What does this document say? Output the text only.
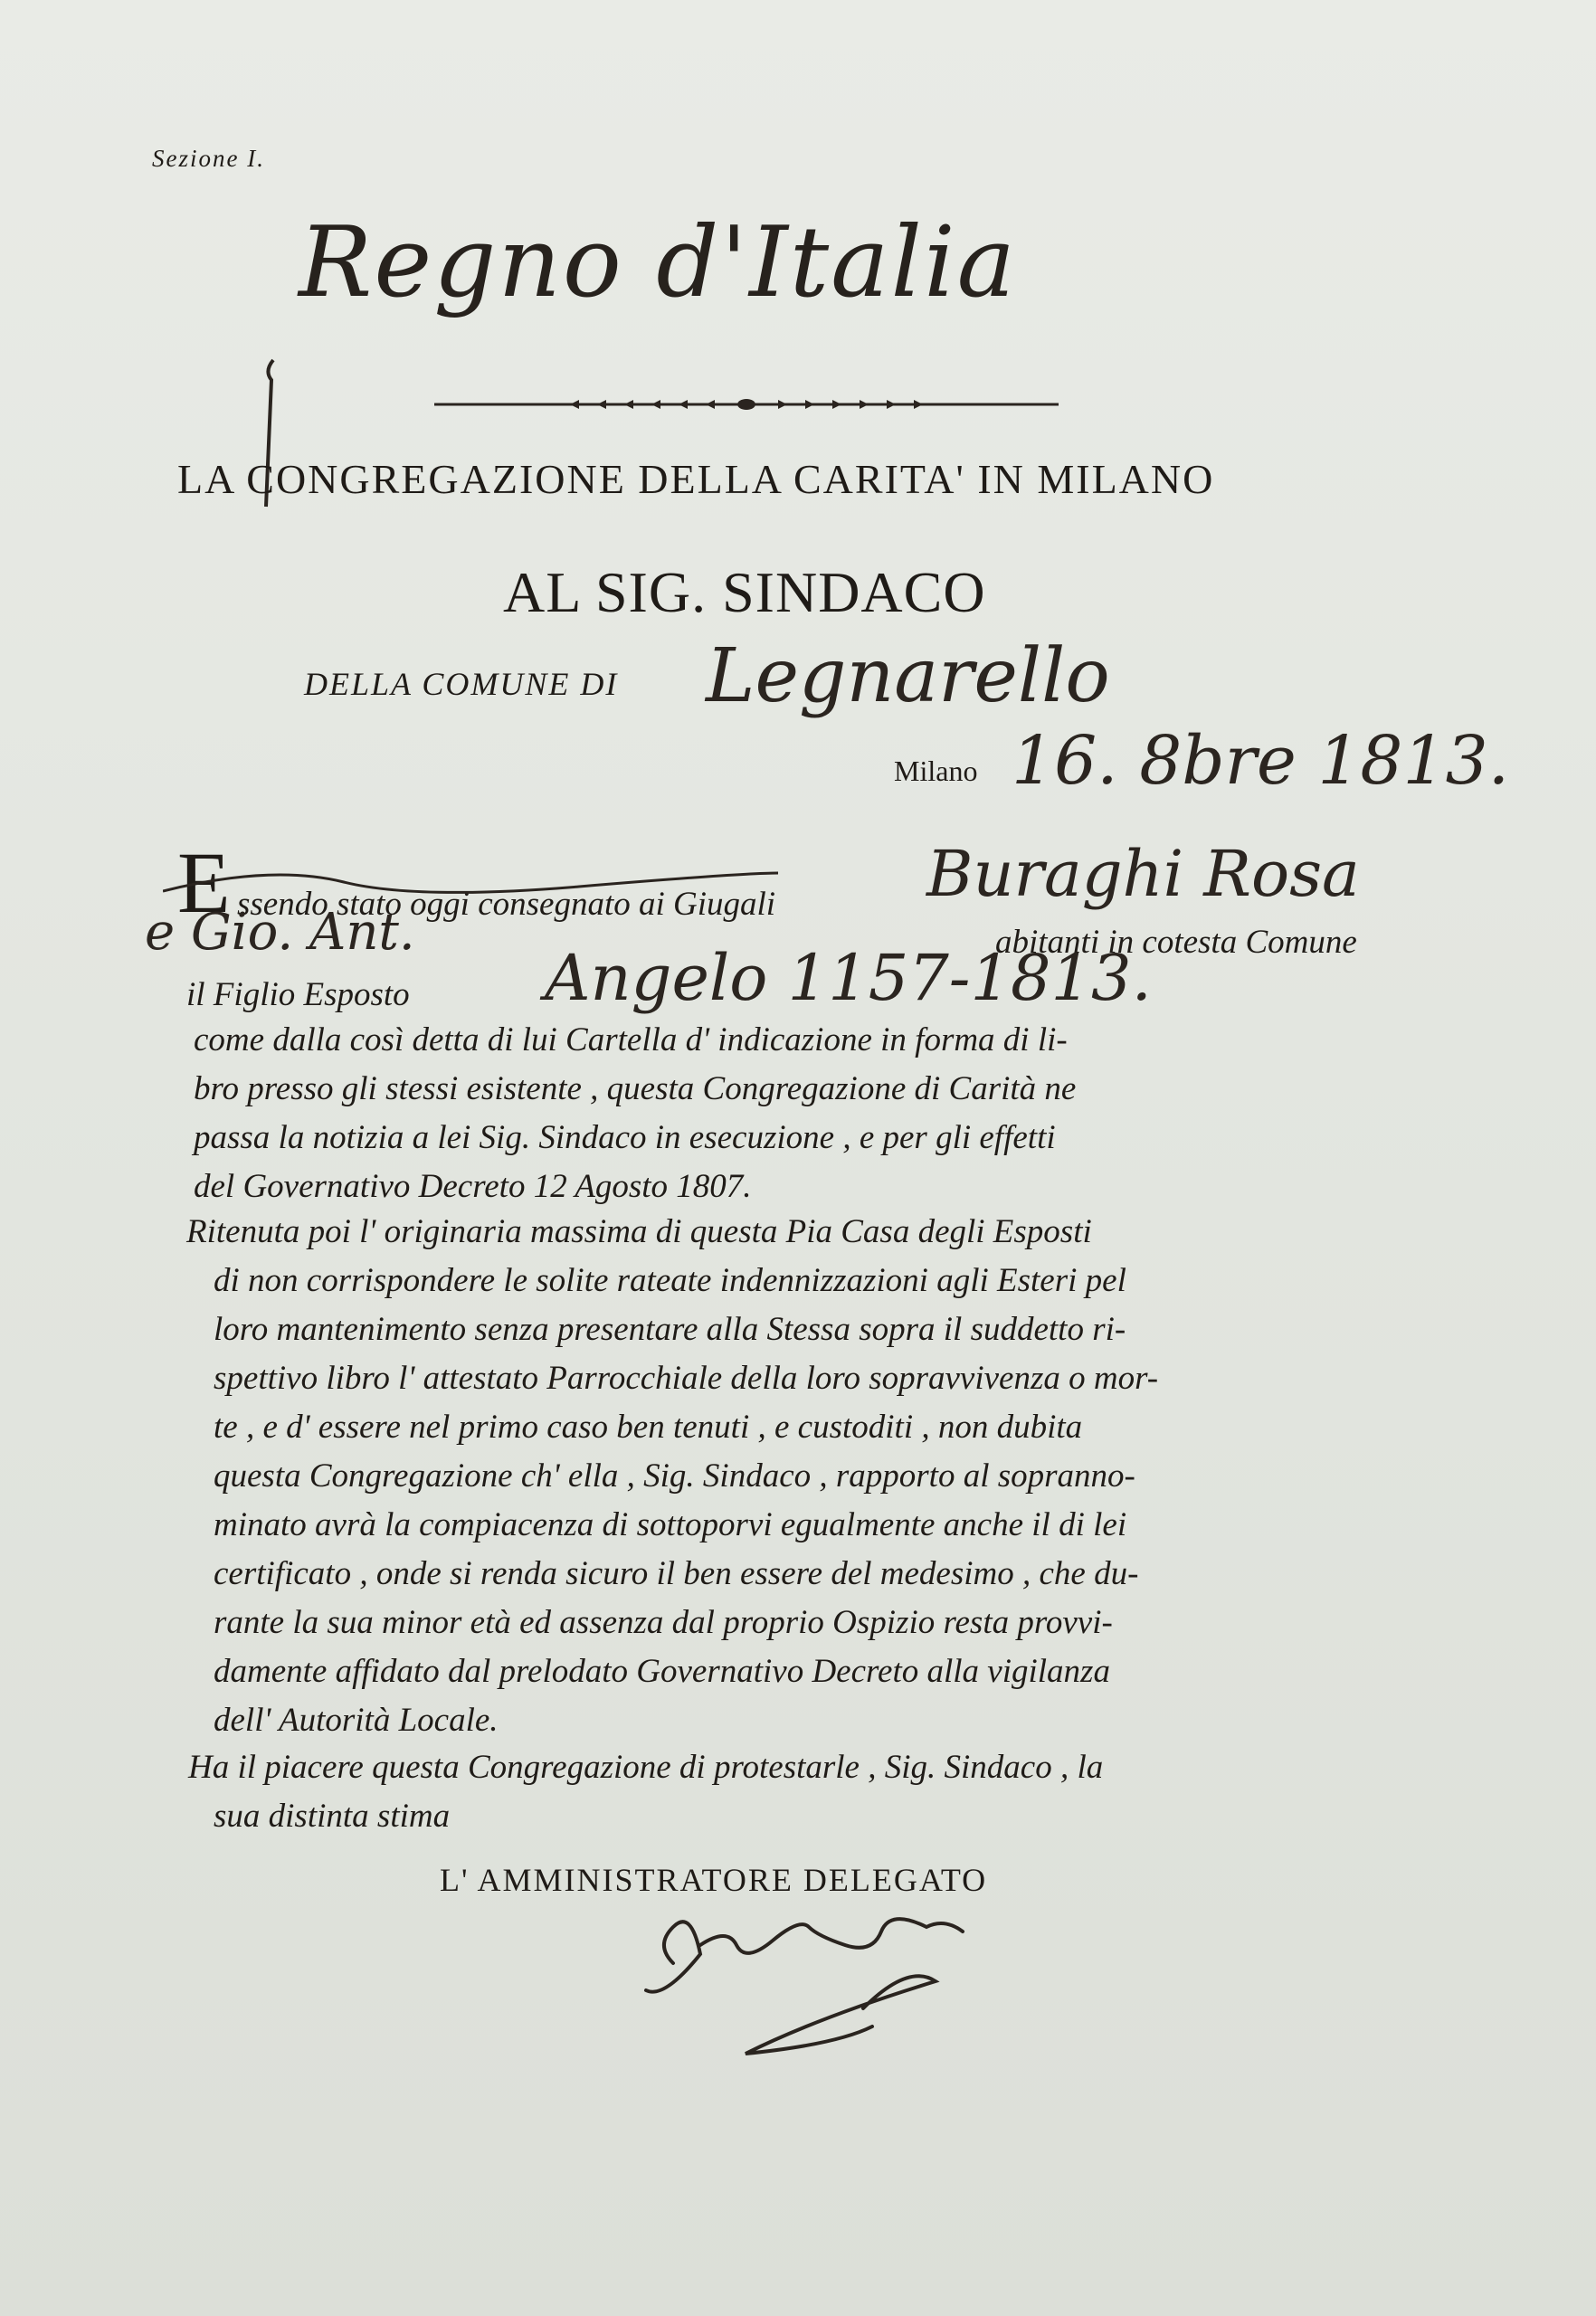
Sezione I.
Regno d'Italia
LA CONGREGAZIONE DELLA CARITA' IN MILANO
AL SIG. SINDACO
DELLA COMUNE DI Legnarello
Milano 16. 8bre 1813.
E ssendo stato oggi consegnato ai Giugali Buraghi Rosa
e Gio. Ant.	abitanti in cotesta Comune
il Figlio Esposto Angelo 1157-1813.
come dalla così detta di lui Cartella d' indicazione in forma di li-
bro presso gli stessi esistente , questa Congregazione di Carità ne
passa la notizia a lei Sig. Sindaco in esecuzione , e per gli effetti
del Governativo Decreto 12 Agosto 1807.
Ritenuta poi l' originaria massima di questa Pia Casa degli Esposti
di non corrispondere le solite rateate indennizzazioni agli Esteri pel
loro mantenimento senza presentare alla Stessa sopra il suddetto ri-
spettivo libro l' attestato Parrocchiale della loro sopravvivenza o mor-
te , e d' essere nel primo caso ben tenuti , e custoditi , non dubita
questa Congregazione ch' ella , Sig. Sindaco , rapporto al sopranno-
minato avrà la compiacenza di sottoporvi egualmente anche il di lei
certificato , onde si renda sicuro il ben essere del medesimo , che du-
rante la sua minor età ed assenza dal proprio Ospizio resta provvi-
damente affidato dal prelodato Governativo Decreto alla vigilanza
dell' Autorità Locale.
Ha il piacere questa Congregazione di protestarle , Sig. Sindaco , la
sua distinta stima
L' AMMINISTRATORE DELEGATO
